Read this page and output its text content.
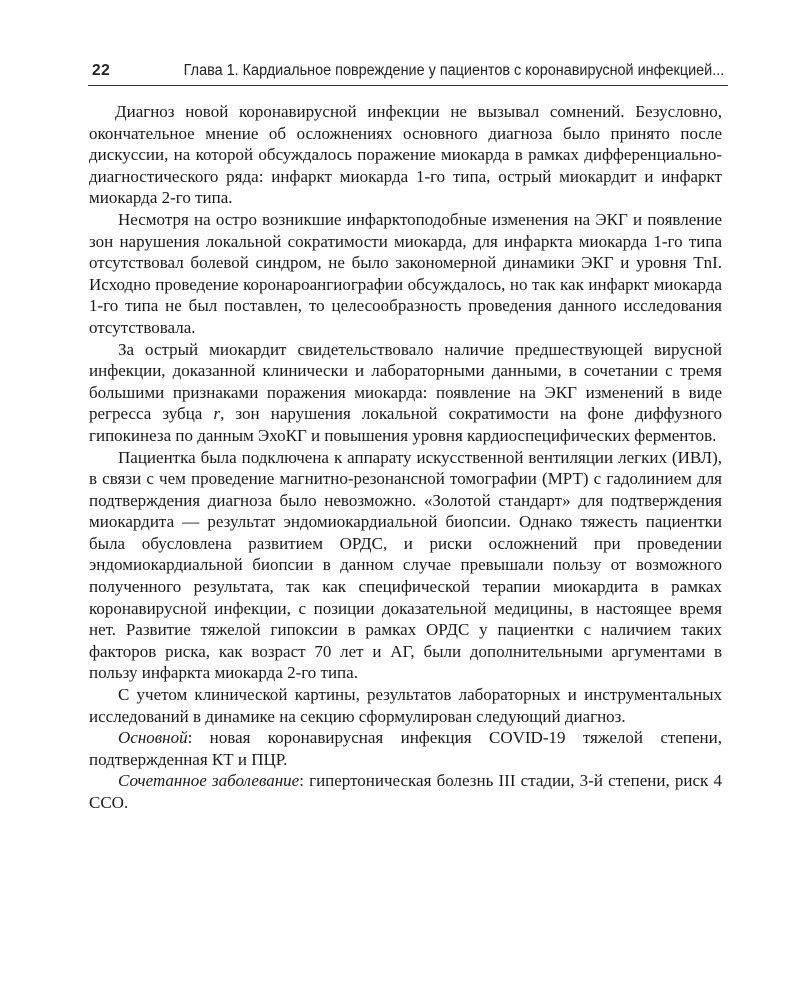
22	Глава 1. Кардиальное повреждение у пациентов с коронавирусной инфекцией...

Диагноз новой коронавирусной инфекции не вызывал сомнений. Безусловно, окончательное мнение об осложнениях основного диагноза было принято после дискуссии, на которой обсуждалось поражение миокарда в рамках дифференциально-диагностического ряда: инфаркт миокарда 1-го типа, острый миокардит и инфаркт миокарда 2-го типа.

Несмотря на остро возникшие инфарктоподобные изменения на ЭКГ и появление зон нарушения локальной сократимости миокарда, для инфаркта миокарда 1-го типа отсутствовал болевой синдром, не было закономерной динамики ЭКГ и уровня TnI. Исходно проведение коронароангиографии обсуждалось, но так как инфаркт миокарда 1-го типа не был поставлен, то целесообразность проведения данного исследования отсутствовала.

За острый миокардит свидетельствовало наличие предшествующей вирусной инфекции, доказанной клинически и лабораторными данными, в сочетании с тремя большими признаками поражения миокарда: появление на ЭКГ изменений в виде регресса зубца r, зон нарушения локальной сократимости на фоне диффузного гипокинеза по данным ЭхоКГ и повышения уровня кардиоспецифических ферментов.

Пациентка была подключена к аппарату искусственной вентиляции легких (ИВЛ), в связи с чем проведение магнитно-резонансной томографии (МРТ) с гадолинием для подтверждения диагноза было невозможно. «Золотой стандарт» для подтверждения миокардита — результат эндомиокардиальной биопсии. Однако тяжесть пациентки была обусловлена развитием ОРДС, и риски осложнений при проведении эндомиокардиальной биопсии в данном случае превышали пользу от возможного полученного результата, так как специфической терапии миокардита в рамках коронавирусной инфекции, с позиции доказательной медицины, в настоящее время нет. Развитие тяжелой гипоксии в рамках ОРДС у пациентки с наличием таких факторов риска, как возраст 70 лет и АГ, были дополнительными аргументами в пользу инфаркта миокарда 2-го типа.

С учетом клинической картины, результатов лабораторных и инструментальных исследований в динамике на секцию сформулирован следующий диагноз.

Основной: новая коронавирусная инфекция COVID-19 тяжелой степени, подтвержденная КТ и ПЦР.

Сочетанное заболевание: гипертоническая болезнь III стадии, 3-й степени, риск 4 ССО.
